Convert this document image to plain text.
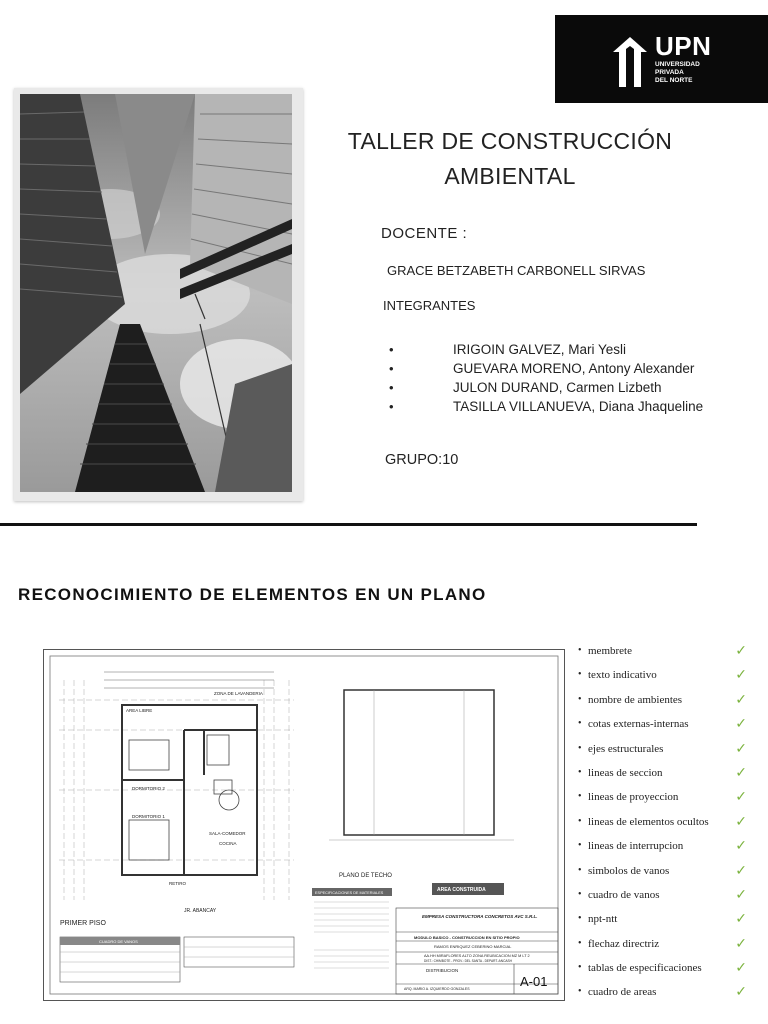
UPN
UNIVERSIDAD
PRIVADA
DEL NORTE
TALLER DE CONSTRUCCIÓN
AMBIENTAL
DOCENTE :
GRACE BETZABETH CARBONELL SIRVAS
INTEGRANTES
• IRIGOIN GALVEZ, Mari Yesli
• GUEVARA MORENO, Antony Alexander
• JULON DURAND, Carmen Lizbeth
• TASILLA VILLANUEVA, Diana Jhaqueline
GRUPO:10
RECONOCIMIENTO DE ELEMENTOS EN UN PLANO
AREA LIBRE
ZONA DE LAVANDERIA
DORMITORIO 2
DORMITORIO 1
SALA-COMEDOR
COCINA
RETIRO
JR. ABANCAY
PRIMER PISO
PLANO DE TECHO
AREA CONSTRUIDA
ESPECIFICACIONES DE MATERIALES
CUADRO DE VANOS
EMPRESA CONSTRUCTORA CONCRETOS AVC S.R.L.
MODULO BASICO - CONSTRUCCION EN SITIO PROPIO
RAMOS ENRIQUEZ CEBERINO MARCIAL
AA.HH MIRAFLORES ALTO ZONA REUBICACION MZ M LT 2
DIST.: CHIMBOTE - PROV.: DEL SANTA - DEPART.:ANCASH
DISTRIBUCION
ARQ. MARIO A. IZQUIERDO GONZALES	A-01
• membrete	✓
• texto indicativo	✓
• nombre de ambientes	✓
• cotas externas-internas	✓
• ejes estructurales	✓
• lineas de seccion	✓
• lineas de proyeccion	✓
• lineas de elementos ocultos ✓
• lineas de interrupcion	✓
• simbolos de vanos	✓
• cuadro de vanos	✓
• npt-ntt	✓
• flechaz directriz	✓
• tablas de especificaciones ✓
• cuadro de areas	✓
